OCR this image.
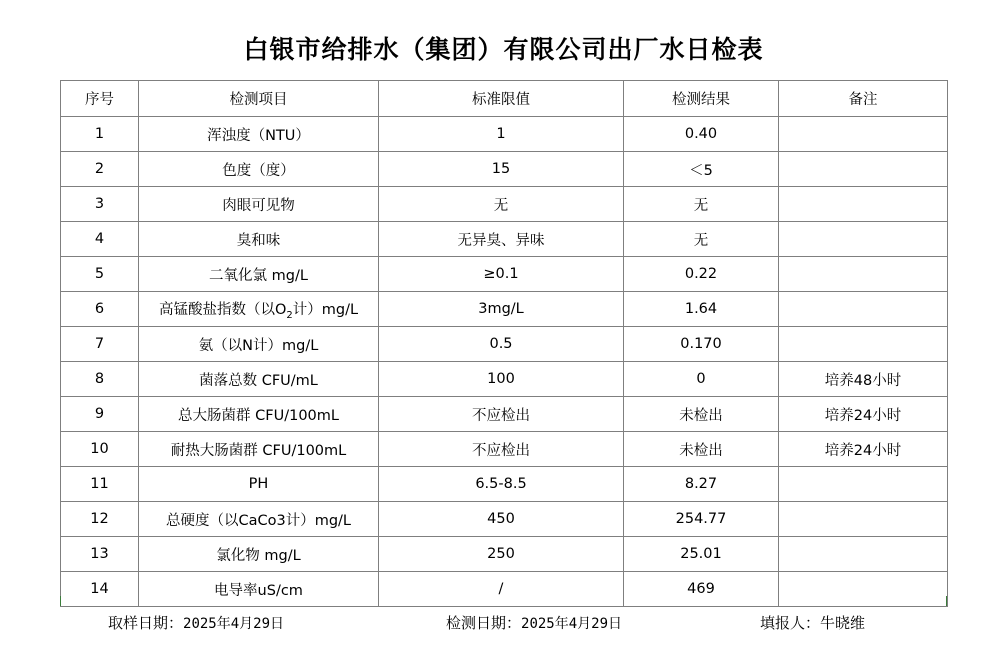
白银市给排水（集团）有限公司出厂水日检表
序号	检测项目	标准限值	检测结果	备注
1	浑浊度（NTU）	1	0.40	
2	色度（度）	15	＜5	
3	肉眼可见物	无	无	
4	臭和味	无异臭、异味	无	
5	二氧化氯 mg/L	≥0.1	0.22	
6	高锰酸盐指数（以$O_2$计）mg/L	3mg/L	1.64	
7	氨（以N计）mg/L	0.5	0.170	
8	菌落总数 CFU/mL	100	0	培养48小时
9	总大肠菌群 CFU/100mL	不应检出	未检出	培养24小时
10	耐热大肠菌群 CFU/100mL	不应检出	未检出	培养24小时
11	PH	6.5-8.5	8.27	
12	总硬度（以CaCo3计）mg/L	450	254.77	
13	氯化物 mg/L	250	25.01	
14	电导率uS/cm	/	469	
取样日期：2025年4月29日	检测日期：2025年4月29日	填报人：牛晓维
